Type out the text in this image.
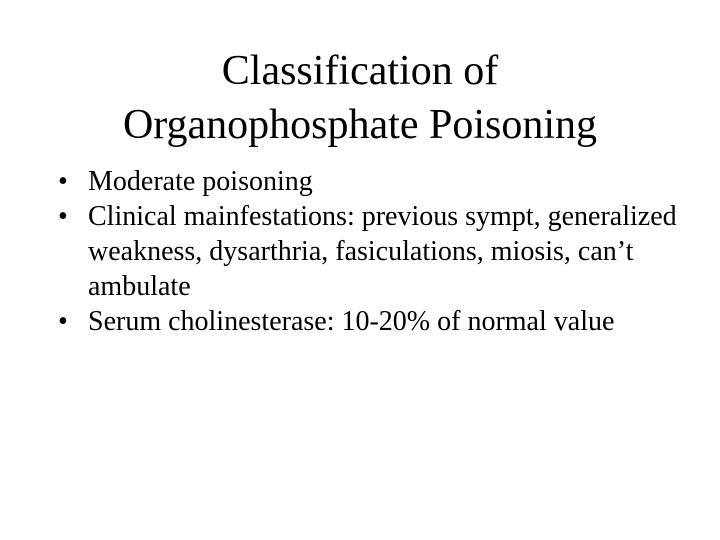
Classification of
Organophosphate Poisoning
• Moderate poisoning
• Clinical mainfestations: previous sympt, generalized weakness, dysarthria, fasiculations, miosis, can’t ambulate
• Serum cholinesterase: 10-20% of normal value
